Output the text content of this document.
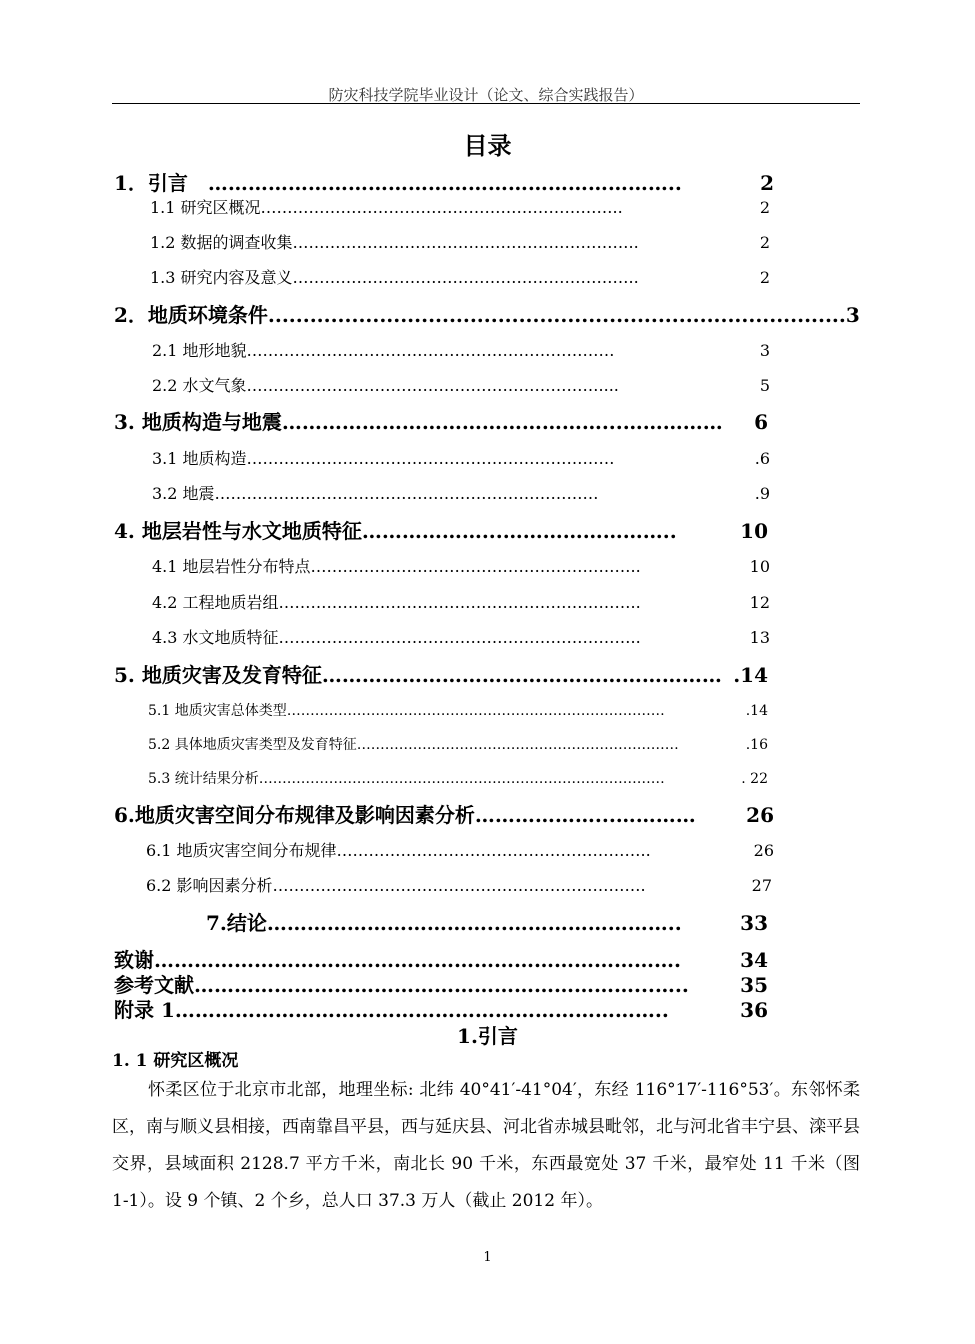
防灾科技学院毕业设计（论文、综合实践报告）
目录
1．引言　 ……………………………………………………………..	2
1.1 研究区概况 …………………………………………………………..	2
1.2 数据的调查收集 ………………………………………………………..	2
1.3 研究内容及意义 ………………………………………………………..	2
2．地质环境条件 ................................................................................... 3
2.1 地形地貌 ……………………………………………………………	3
2.2 水文气象 …………………………………………………………....	5
3. 地质构造与地震 …………………………………………...……………	6
3.1 地质构造 ……………………………………………………………	.6
3.2 地震 ………………………………………………………………	.9
4. 地层岩性与水文地质特征 ………………...……………………..	10
4.1 地层岩性分布特点 ……………………………………………………..	10
4.2 工程地质岩组 …………………………………………………………..	12
4.3 水文地质特征 …………………………………………………………..	13
5. 地质灾害及发育特征 …………………………………………………… .14
5.1 地质灾害总体类型 ………………………………………………………………………	.14
5.2 具体地质灾害类型及发育特征 ……………………………………………………………	.16
5.3 统计结果分析 ……………………………………………………………………………	. 22
6.地质灾害空间分布规律及影响因素分析 ………………...…………	26
6.1 地质灾害空间分布规律 …………………………………………………..	26
6.2 影响因素分析 …………………………………………………………….	27
7.结论 ……………………………...……………………..	33
致谢 …………………………………………………………………….	34
参考文献 …………………………………………………………...…..	35
附录 1 ………………………………………………………………..	36
1.引言
1. 1 研究区概况

怀柔区位于北京市北部，地理坐标: 北纬 40°41′-41°04′，东经 116°17′-116°53′。东邻怀柔区，南与顺义县相接，西南靠昌平县，西与延庆县、河北省赤城县毗邻，北与河北省丰宁县、滦平县交界，县域面积 2128.7 平方千米，南北长 90 千米，东西最宽处 37 千米，最窄处 11 千米（图 1-1）。设 9 个镇、2 个乡，总人口 37.3 万人（截止 2012 年）。

1
